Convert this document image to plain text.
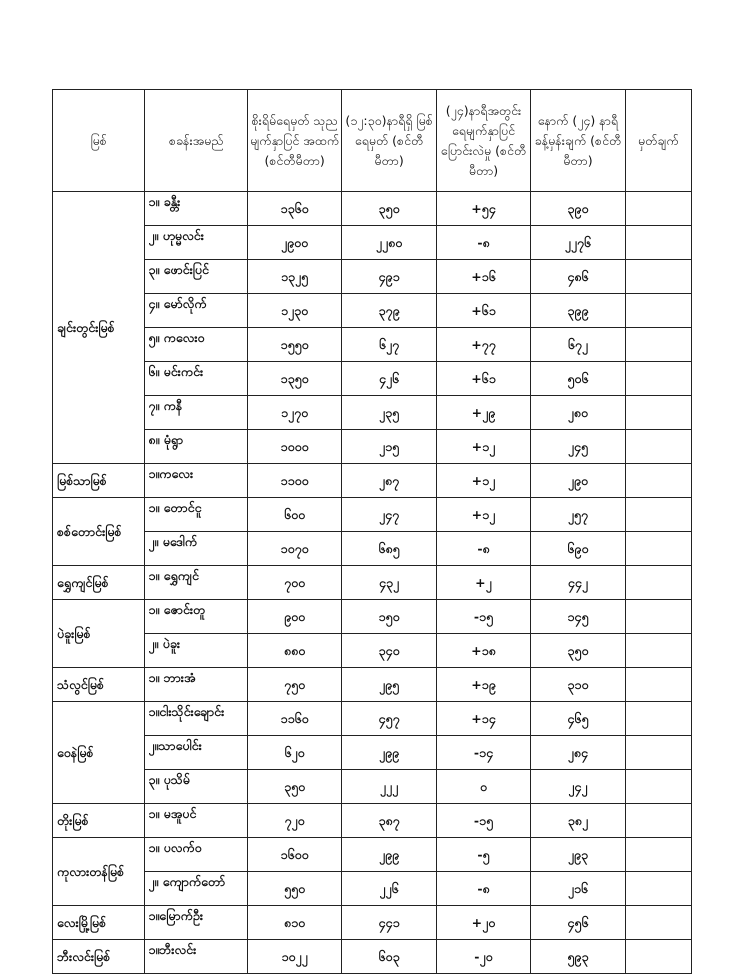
မြစ်	စခန်းအမည်	စိုးရိမ်ရေမှတ် သုညမျက်နှာပြင် အထက် (စင်တီမီတာ)	(၁၂:၃၀)နာရီရှိ မြစ်ရေမှတ် (စင်တီမီတာ)	(၂၄)နာရီအတွင်း ရေမျက်နှာပြင် ပြောင်းလဲမှု (စင်တီမီတာ)	နောက် (၂၄) နာရီ ခန့်မှန်းချက် (စင်တီမီတာ)	မှတ်ချက်
ချင်းတွင်းမြစ်	၁။ ခန္တီး	၁၃၆၀	၃၅၀	+၅၄	၃၉၀	
	၂။ ဟုမ္မလင်း	၂၉၀၀	၂၂၈၀	-၈	၂၂၇၆	
	၃။ ဖောင်းပြင်	၁၃၂၅	၄၉၁	+၁၆	၄၈၆	
	၄။ မော်လိုက်	၁၂၃၀	၃၇၉	+၆၁	၃၉၉	
	၅။ ကလေးဝ	၁၅၅၀	၆၂၇	+၇၇	၆၇၂	
	၆။ မင်းကင်း	၁၃၅၀	၄၂၆	+၆၁	၅၀၆	
	၇။ ကနီ	၁၂၇၀	၂၃၅	+၂၉	၂၈၀	
	၈။ မုံရွာ	၁၀၀၀	၂၁၅	+၁၂	၂၄၅	
မြစ်သာမြစ်	၁။ကလေး	၁၁၀၀	၂၈၇	+၁၂	၂၉၀	
စစ်တောင်းမြစ်	၁။ တောင်ငူ	၆၀၀	၂၄၇	+၁၂	၂၅၇	
	၂။ မဒေါက်	၁၀၇၀	၆၈၅	-၈	၆၉၀	
ရွှေကျင်မြစ်	၁။ ရွှေကျင်	၇၀၀	၄၃၂	+၂	၄၄၂	
ပဲခူးမြစ်	၁။ ဇောင်းတူ	၉၀၀	၁၅၀	-၁၅	၁၄၅	
	၂။ ပဲခူး	၈၈၀	၃၄၀	+၁၈	၃၅၀	
သံလွင်မြစ်	၁။ ဘားအံ	၇၅၀	၂၉၅	+၁၉	၃၁၀	
ဝေနဲမြစ်	၁။ငါးသိုင်းချောင်း	၁၁၆၀	၄၅၇	+၁၄	၄၆၅	
	၂။သာပေါင်း	၆၂၀	၂၉၉	-၁၄	၂၈၄	
	၃။ ပုသိမ်	၃၅၀	၂၂၂	၀	၂၄၂	
တိုးမြစ်	၁။ မအူပင်	၇၂၀	၃၈၇	-၁၅	၃၈၂	
ကုလားတန်မြစ်	၁။ ပလက်ဝ	၁၆၀၀	၂၉၉	-၅	၂၉၃	
	၂။ ကျောက်တော်	၅၅၀	၂၂၆	-၈	၂၁၆	
လေးမြို့မြစ်	၁။မြောက်ဦး	၈၁၀	၄၄၁	+၂၀	၄၅၆	
ဘီးလင်းမြစ်	၁။ဘီးလင်း	၁၀၂၂	၆၀၃	-၂၀	၅၉၃	
